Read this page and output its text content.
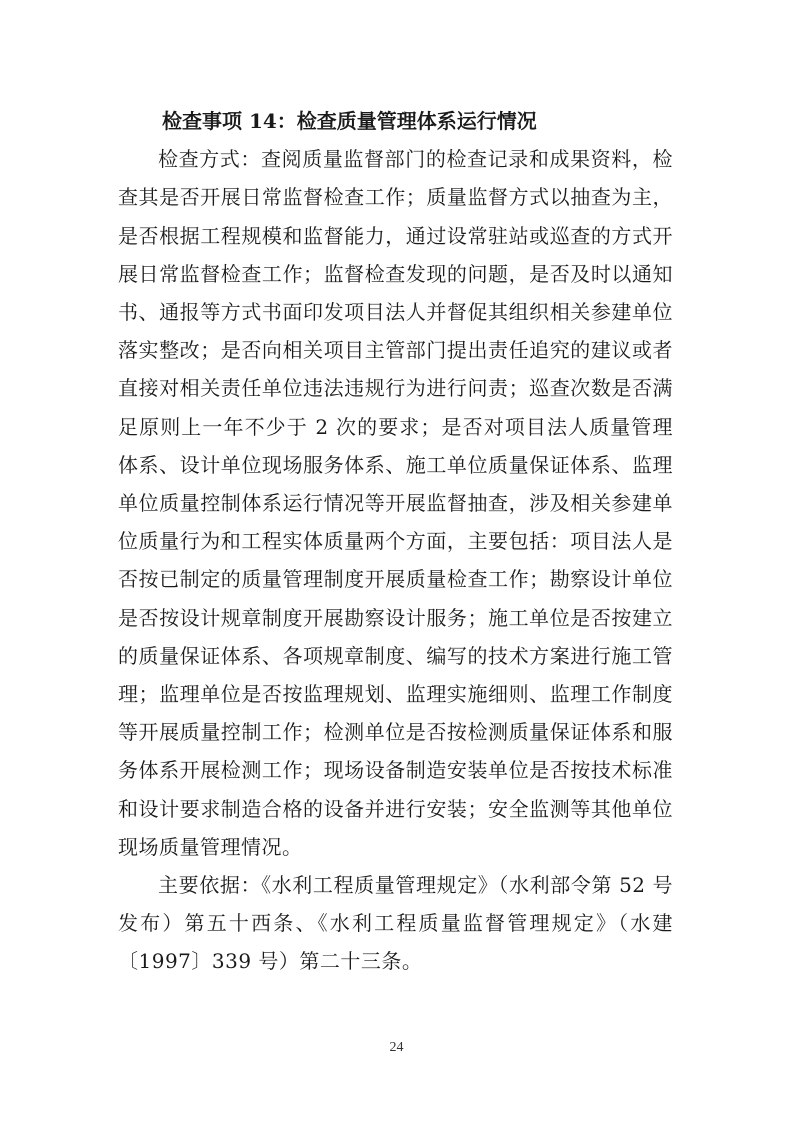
检查事项 14：检查质量管理体系运行情况

检查方式：查阅质量监督部门的检查记录和成果资料，检查其是否开展日常监督检查工作；质量监督方式以抽查为主，是否根据工程规模和监督能力，通过设常驻站或巡查的方式开展日常监督检查工作；监督检查发现的问题，是否及时以通知书、通报等方式书面印发项目法人并督促其组织相关参建单位落实整改；是否向相关项目主管部门提出责任追究的建议或者直接对相关责任单位违法违规行为进行问责；巡查次数是否满足原则上一年不少于 2 次的要求；是否对项目法人质量管理体系、设计单位现场服务体系、施工单位质量保证体系、监理单位质量控制体系运行情况等开展监督抽查，涉及相关参建单位质量行为和工程实体质量两个方面，主要包括：项目法人是否按已制定的质量管理制度开展质量检查工作；勘察设计单位是否按设计规章制度开展勘察设计服务；施工单位是否按建立的质量保证体系、各项规章制度、编写的技术方案进行施工管理；监理单位是否按监理规划、监理实施细则、监理工作制度等开展质量控制工作；检测单位是否按检测质量保证体系和服务体系开展检测工作；现场设备制造安装单位是否按技术标准和设计要求制造合格的设备并进行安装；安全监测等其他单位现场质量管理情况。

主要依据：《水利工程质量管理规定》（水利部令第 52 号发布）第五十西条、《水利工程质量监督管理规定》（水建〔1997〕339 号）第二十三条。

24
